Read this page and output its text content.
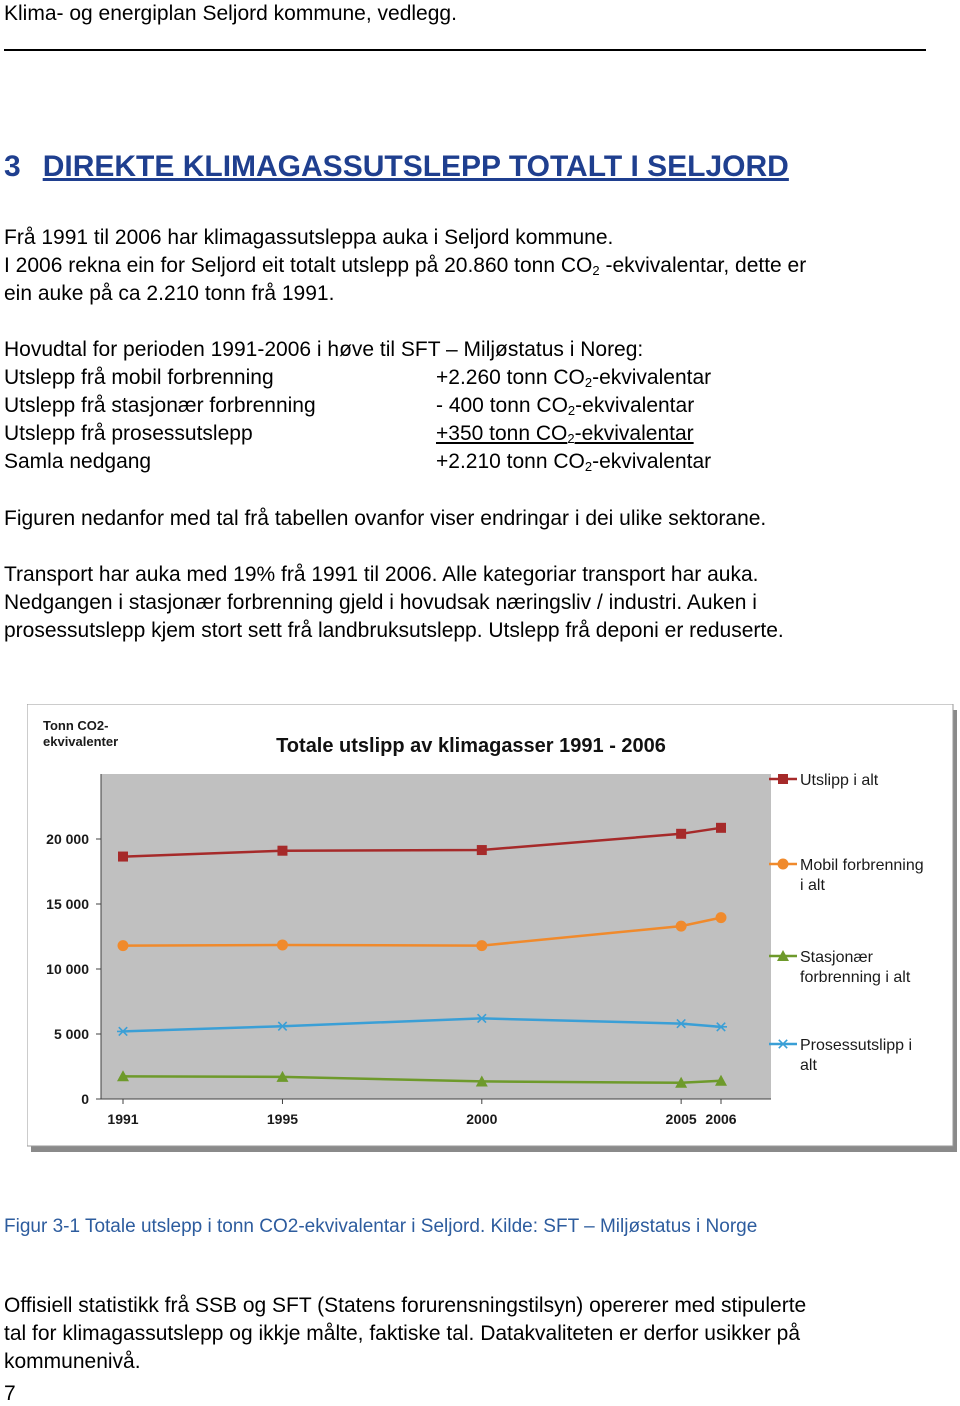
Klima- og energiplan Seljord kommune, vedlegg.
3 DIREKTE KLIMAGASSUTSLEPP TOTALT I SELJORD
Frå 1991 til 2006 har klimagassutsleppa auka i Seljord kommune.
I 2006 rekna ein for Seljord eit totalt utslepp på 20.860 tonn $CO_2$ -ekvivalentar, dette er
ein auke på ca 2.210 tonn frå 1991.
Hovudtal for perioden 1991-2006 i høve til SFT – Miljøstatus i Noreg:
Utslepp frå mobil forbrenning	+2.260 tonn $CO_2$-ekvivalentar
Utslepp frå stasjonær forbrenning	- 400 tonn $CO_2$-ekvivalentar
Utslepp frå prosessutslepp	+350 tonn $CO_2$-ekvivalentar
Samla nedgang	+2.210 tonn $CO_2$-ekvivalentar
Figuren nedanfor med tal frå tabellen ovanfor viser endringar i dei ulike sektorane.
Transport har auka med 19% frå 1991 til 2006. Alle kategoriar transport har auka.
Nedgangen i stasjonær forbrenning gjeld i hovudsak næringsliv / industri. Auken i
prosessutslepp kjem stort sett frå landbruksutslepp. Utslepp frå deponi er reduserte.
Tonn CO2-
ekvivalenter	Totale utslipp av klimagasser 1991 - 2006
0
5 000
10 000
15 000
20 000
1991	1995	2000	2005 2006
Utslipp i alt
Mobil forbrenning
i alt
Stasjonær
forbrenning i alt
Prosessutslipp i
alt
Figur 3-1 Totale utslepp i tonn CO2-ekvivalentar i Seljord. Kilde: SFT – Miljøstatus i Norge
Offisiell statistikk frå SSB og SFT (Statens forurensningstilsyn) opererer med stipulerte
tal for klimagassutslepp og ikkje målte, faktiske tal. Datakvaliteten er derfor usikker på
kommunenivå.
7
